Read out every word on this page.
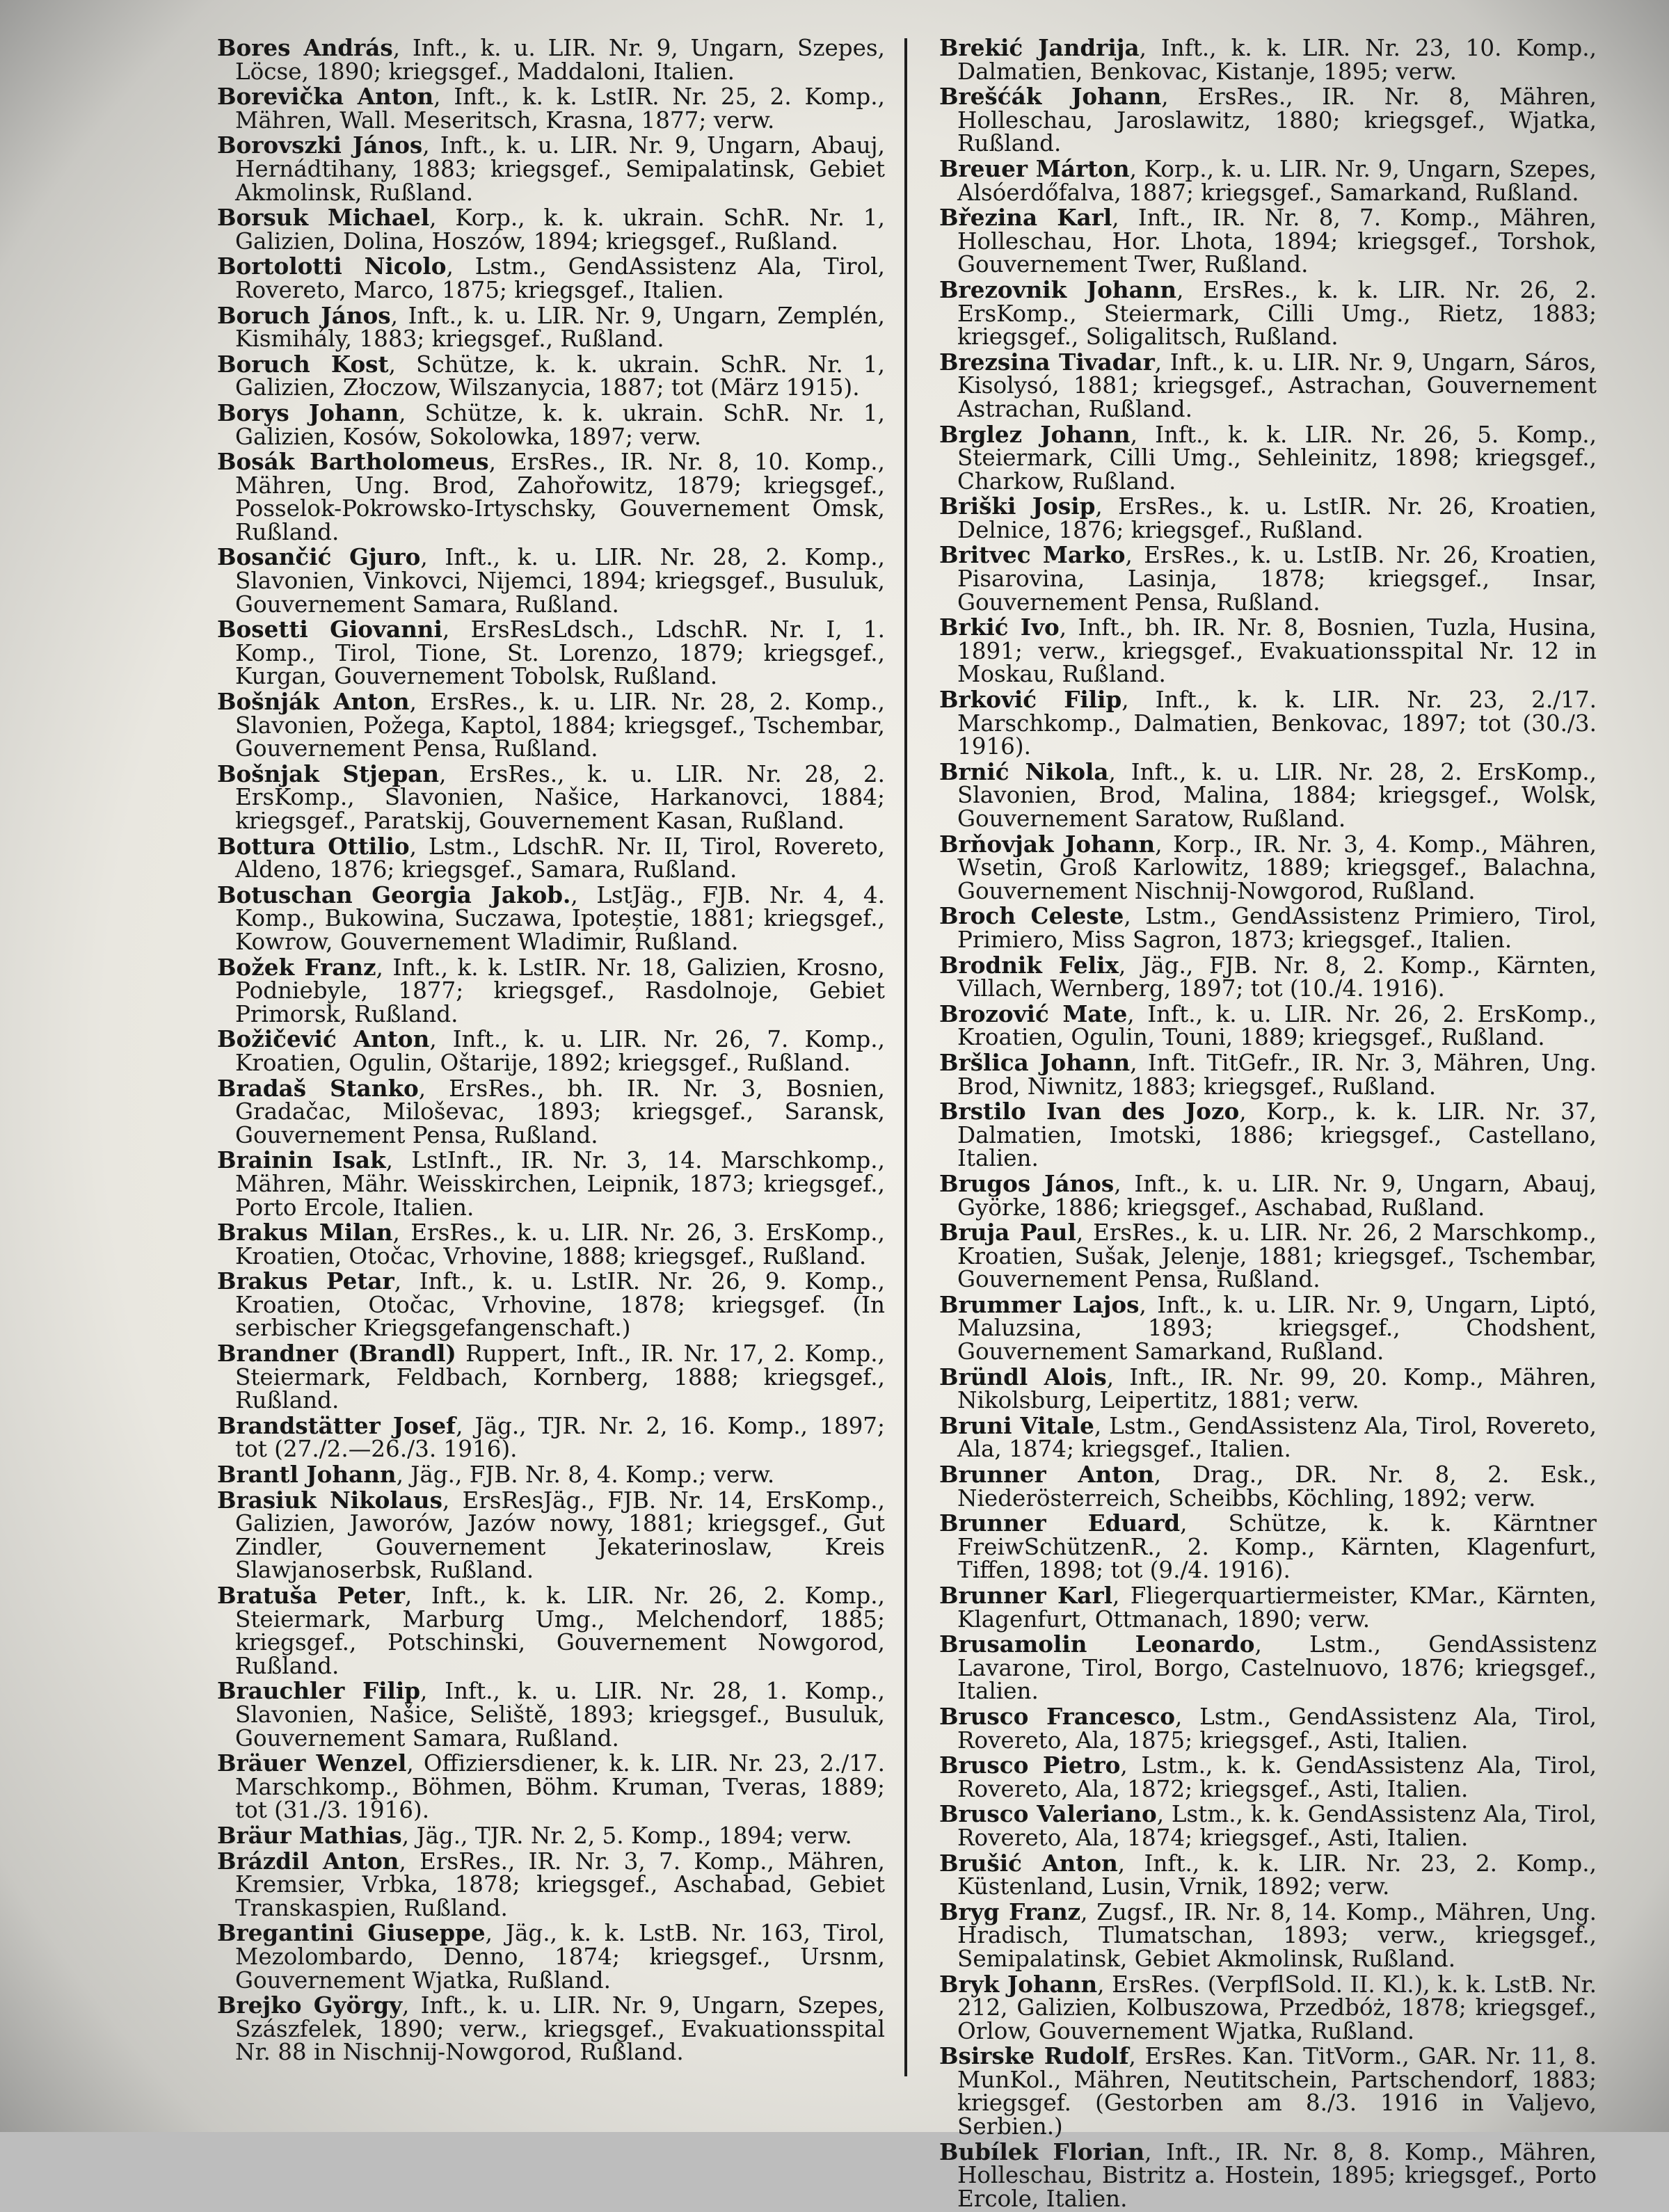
Bores András, Inft., k. u. LIR. Nr. 9, Ungarn, Szepes, Löcse, 1890; kriegsgef., Maddaloni, Italien.

Borevička Anton, Inft., k. k. LstIR. Nr. 25, 2. Komp., Mähren, Wall. Meseritsch, Krasna, 1877; verw.

Borovszki János, Inft., k. u. LIR. Nr. 9, Ungarn, Abauj, Hernádtihany, 1883; kriegsgef., Semipalatinsk, Gebiet Akmolinsk, Rußland.

Borsuk Michael, Korp., k. k. ukrain. SchR. Nr. 1, Galizien, Dolina, Hoszów, 1894; kriegsgef., Rußland.

Bortolotti Nicolo, Lstm., GendAssistenz Ala, Tirol, Rovereto, Marco, 1875; kriegsgef., Italien.

Boruch János, Inft., k. u. LIR. Nr. 9, Ungarn, Zemplén, Kismihály, 1883; kriegsgef., Rußland.

Boruch Kost, Schütze, k. k. ukrain. SchR. Nr. 1, Galizien, Złoczow, Wilszanycia, 1887; tot (März 1915).

Borys Johann, Schütze, k. k. ukrain. SchR. Nr. 1, Galizien, Kosów, Sokolowka, 1897; verw.

Bosák Bartholomeus, ErsRes., IR. Nr. 8, 10. Komp., Mähren, Ung. Brod, Zahořowitz, 1879; kriegsgef., Posselok-Pokrowsko-Irtyschsky, Gouvernement Omsk, Rußland.

Bosančić Gjuro, Inft., k. u. LIR. Nr. 28, 2. Komp., Slavonien, Vinkovci, Nijemci, 1894; kriegsgef., Busuluk, Gouvernement Samara, Rußland.

Bosetti Giovanni, ErsResLdsch., LdschR. Nr. I, 1. Komp., Tirol, Tione, St. Lorenzo, 1879; kriegsgef., Kurgan, Gouvernement Tobolsk, Rußland.

Bošnják Anton, ErsRes., k. u. LIR. Nr. 28, 2. Komp., Slavonien, Požega, Kaptol, 1884; kriegsgef., Tschembar, Gouvernement Pensa, Rußland.

Bošnjak Stjepan, ErsRes., k. u. LIR. Nr. 28, 2. ErsKomp., Slavonien, Našice, Harkanovci, 1884; kriegsgef., Paratskij, Gouvernement Kasan, Rußland.

Bottura Ottilio, Lstm., LdschR. Nr. II, Tirol, Rovereto, Aldeno, 1876; kriegsgef., Samara, Rußland.

Botuschan Georgia Jakob., LstJäg., FJB. Nr. 4, 4. Komp., Bukowina, Suczawa, Ipoteștie, 1881; kriegsgef., Kowrow, Gouvernement Wladimir, Rußland.

Božek Franz, Inft., k. k. LstIR. Nr. 18, Galizien, Krosno, Podniebyle, 1877; kriegsgef., Rasdolnoje, Gebiet Primorsk, Rußland.

Božičević Anton, Inft., k. u. LIR. Nr. 26, 7. Komp., Kroatien, Ogulin, Oštarije, 1892; kriegsgef., Rußland.

Bradaš Stanko, ErsRes., bh. IR. Nr. 3, Bosnien, Gradačac, Miloševac, 1893; kriegsgef., Saransk, Gouvernement Pensa, Rußland.

Brainin Isak, LstInft., IR. Nr. 3, 14. Marschkomp., Mähren, Mähr. Weisskirchen, Leipnik, 1873; kriegsgef., Porto Ercole, Italien.

Brakus Milan, ErsRes., k. u. LIR. Nr. 26, 3. ErsKomp., Kroatien, Otočac, Vrhovine, 1888; kriegsgef., Rußland.

Brakus Petar, Inft., k. u. LstIR. Nr. 26, 9. Komp., Kroatien, Otočac, Vrhovine, 1878; kriegsgef. (In serbischer Kriegsgefangenschaft.)

Brandner (Brandl) Ruppert, Inft., IR. Nr. 17, 2. Komp., Steiermark, Feldbach, Kornberg, 1888; kriegsgef., Rußland.

Brandstätter Josef, Jäg., TJR. Nr. 2, 16. Komp., 1897; tot (27./2.—26./3. 1916).

Brantl Johann, Jäg., FJB. Nr. 8, 4. Komp.; verw.

Brasiuk Nikolaus, ErsResJäg., FJB. Nr. 14, ErsKomp., Galizien, Jaworów, Jazów nowy, 1881; kriegsgef., Gut Zindler, Gouvernement Jekaterinoslaw, Kreis Slawjanoserbsk, Rußland.

Bratuša Peter, Inft., k. k. LIR. Nr. 26, 2. Komp., Steiermark, Marburg Umg., Melchendorf, 1885; kriegsgef., Potschinski, Gouvernement Nowgorod, Rußland.

Brauchler Filip, Inft., k. u. LIR. Nr. 28, 1. Komp., Slavonien, Našice, Seliště, 1893; kriegsgef., Busuluk, Gouvernement Samara, Rußland.

Bräuer Wenzel, Offiziersdiener, k. k. LIR. Nr. 23, 2./17. Marschkomp., Böhmen, Böhm. Kruman, Tveras, 1889; tot (31./3. 1916).

Bräur Mathias, Jäg., TJR. Nr. 2, 5. Komp., 1894; verw.

Brázdil Anton, ErsRes., IR. Nr. 3, 7. Komp., Mähren, Kremsier, Vrbka, 1878; kriegsgef., Aschabad, Gebiet Transkaspien, Rußland.

Bregantini Giuseppe, Jäg., k. k. LstB. Nr. 163, Tirol, Mezolombardo, Denno, 1874; kriegsgef., Ursnm, Gouvernement Wjatka, Rußland.

Brejko György, Inft., k. u. LIR. Nr. 9, Ungarn, Szepes, Szászfelek, 1890; verw., kriegsgef., Evakuationsspital Nr. 88 in Nischnij-Nowgorod, Rußland.

Brekić Jandrija, Inft., k. k. LIR. Nr. 23, 10. Komp., Dalmatien, Benkovac, Kistanje, 1895; verw.

Brešćák Johann, ErsRes., IR. Nr. 8, Mähren, Holleschau, Jaroslawitz, 1880; kriegsgef., Wjatka, Rußland.

Breuer Márton, Korp., k. u. LIR. Nr. 9, Ungarn, Szepes, Alsóerdőfalva, 1887; kriegsgef., Samarkand, Rußland.

Březina Karl, Inft., IR. Nr. 8, 7. Komp., Mähren, Holleschau, Hor. Lhota, 1894; kriegsgef., Torshok, Gouvernement Twer, Rußland.

Brezovnik Johann, ErsRes., k. k. LIR. Nr. 26, 2. ErsKomp., Steiermark, Cilli Umg., Rietz, 1883; kriegsgef., Soligalitsch, Rußland.

Brezsina Tivadar, Inft., k. u. LIR. Nr. 9, Ungarn, Sáros, Kisolysó, 1881; kriegsgef., Astrachan, Gouvernement Astrachan, Rußland.

Brglez Johann, Inft., k. k. LIR. Nr. 26, 5. Komp., Steiermark, Cilli Umg., Sehleinitz, 1898; kriegsgef., Charkow, Rußland.

Briški Josip, ErsRes., k. u. LstIR. Nr. 26, Kroatien, Delnice, 1876; kriegsgef., Rußland.

Britvec Marko, ErsRes., k. u. LstIB. Nr. 26, Kroatien, Pisarovina, Lasinja, 1878; kriegsgef., Insar, Gouvernement Pensa, Rußland.

Brkić Ivo, Inft., bh. IR. Nr. 8, Bosnien, Tuzla, Husina, 1891; verw., kriegsgef., Evakuationsspital Nr. 12 in Moskau, Rußland.

Brković Filip, Inft., k. k. LIR. Nr. 23, 2./17. Marschkomp., Dalmatien, Benkovac, 1897; tot (30./3. 1916).

Brnić Nikola, Inft., k. u. LIR. Nr. 28, 2. ErsKomp., Slavonien, Brod, Malina, 1884; kriegsgef., Wolsk, Gouvernement Saratow, Rußland.

Brňovjak Johann, Korp., IR. Nr. 3, 4. Komp., Mähren, Wsetin, Groß Karlowitz, 1889; kriegsgef., Balachna, Gouvernement Nischnij-Nowgorod, Rußland.

Broch Celeste, Lstm., GendAssistenz Primiero, Tirol, Primiero, Miss Sagron, 1873; kriegsgef., Italien.

Brodnik Felix, Jäg., FJB. Nr. 8, 2. Komp., Kärnten, Villach, Wernberg, 1897; tot (10./4. 1916).

Brozović Mate, Inft., k. u. LIR. Nr. 26, 2. ErsKomp., Kroatien, Ogulin, Touni, 1889; kriegsgef., Rußland.

Bršlica Johann, Inft. TitGefr., IR. Nr. 3, Mähren, Ung. Brod, Niwnitz, 1883; kriegsgef., Rußland.

Brstilo Ivan des Jozo, Korp., k. k. LIR. Nr. 37, Dalmatien, Imotski, 1886; kriegsgef., Castellano, Italien.

Brugos János, Inft., k. u. LIR. Nr. 9, Ungarn, Abauj, Györke, 1886; kriegsgef., Aschabad, Rußland.

Bruja Paul, ErsRes., k. u. LIR. Nr. 26, 2 Marschkomp., Kroatien, Sušak, Jelenje, 1881; kriegsgef., Tschembar, Gouvernement Pensa, Rußland.

Brummer Lajos, Inft., k. u. LIR. Nr. 9, Ungarn, Liptó, Maluzsina, 1893; kriegsgef., Chodshent, Gouvernement Samarkand, Rußland.

Bründl Alois, Inft., IR. Nr. 99, 20. Komp., Mähren, Nikolsburg, Leipertitz, 1881; verw.

Bruni Vitale, Lstm., GendAssistenz Ala, Tirol, Rovereto, Ala, 1874; kriegsgef., Italien.

Brunner Anton, Drag., DR. Nr. 8, 2. Esk., Niederösterreich, Scheibbs, Köchling, 1892; verw.

Brunner Eduard, Schütze, k. k. Kärntner FreiwSchützenR., 2. Komp., Kärnten, Klagenfurt, Tiffen, 1898; tot (9./4. 1916).

Brunner Karl, Fliegerquartiermeister, KMar., Kärnten, Klagenfurt, Ottmanach, 1890; verw.

Brusamolin Leonardo, Lstm., GendAssistenz Lavarone, Tirol, Borgo, Castelnuovo, 1876; kriegsgef., Italien.

Brusco Francesco, Lstm., GendAssistenz Ala, Tirol, Rovereto, Ala, 1875; kriegsgef., Asti, Italien.

Brusco Pietro, Lstm., k. k. GendAssistenz Ala, Tirol, Rovereto, Ala, 1872; kriegsgef., Asti, Italien.

Brusco Valeriano, Lstm., k. k. GendAssistenz Ala, Tirol, Rovereto, Ala, 1874; kriegsgef., Asti, Italien.

Brušić Anton, Inft., k. k. LIR. Nr. 23, 2. Komp., Küstenland, Lusin, Vrnik, 1892; verw.

Bryg Franz, Zugsf., IR. Nr. 8, 14. Komp., Mähren, Ung. Hradisch, Tlumatschan, 1893; verw., kriegsgef., Semipalatinsk, Gebiet Akmolinsk, Rußland.

Bryk Johann, ErsRes. (VerpflSold. II. Kl.), k. k. LstB. Nr. 212, Galizien, Kolbuszowa, Przedbóż, 1878; kriegsgef., Orlow, Gouvernement Wjatka, Rußland.

Bsirske Rudolf, ErsRes. Kan. TitVorm., GAR. Nr. 11, 8. MunKol., Mähren, Neutitschein, Partschendorf, 1883; kriegsgef. (Gestorben am 8./3. 1916 in Valjevo, Serbien.)

Bubílek Florian, Inft., IR. Nr. 8, 8. Komp., Mähren, Holleschau, Bistritz a. Hostein, 1895; kriegsgef., Porto Ercole, Italien.
